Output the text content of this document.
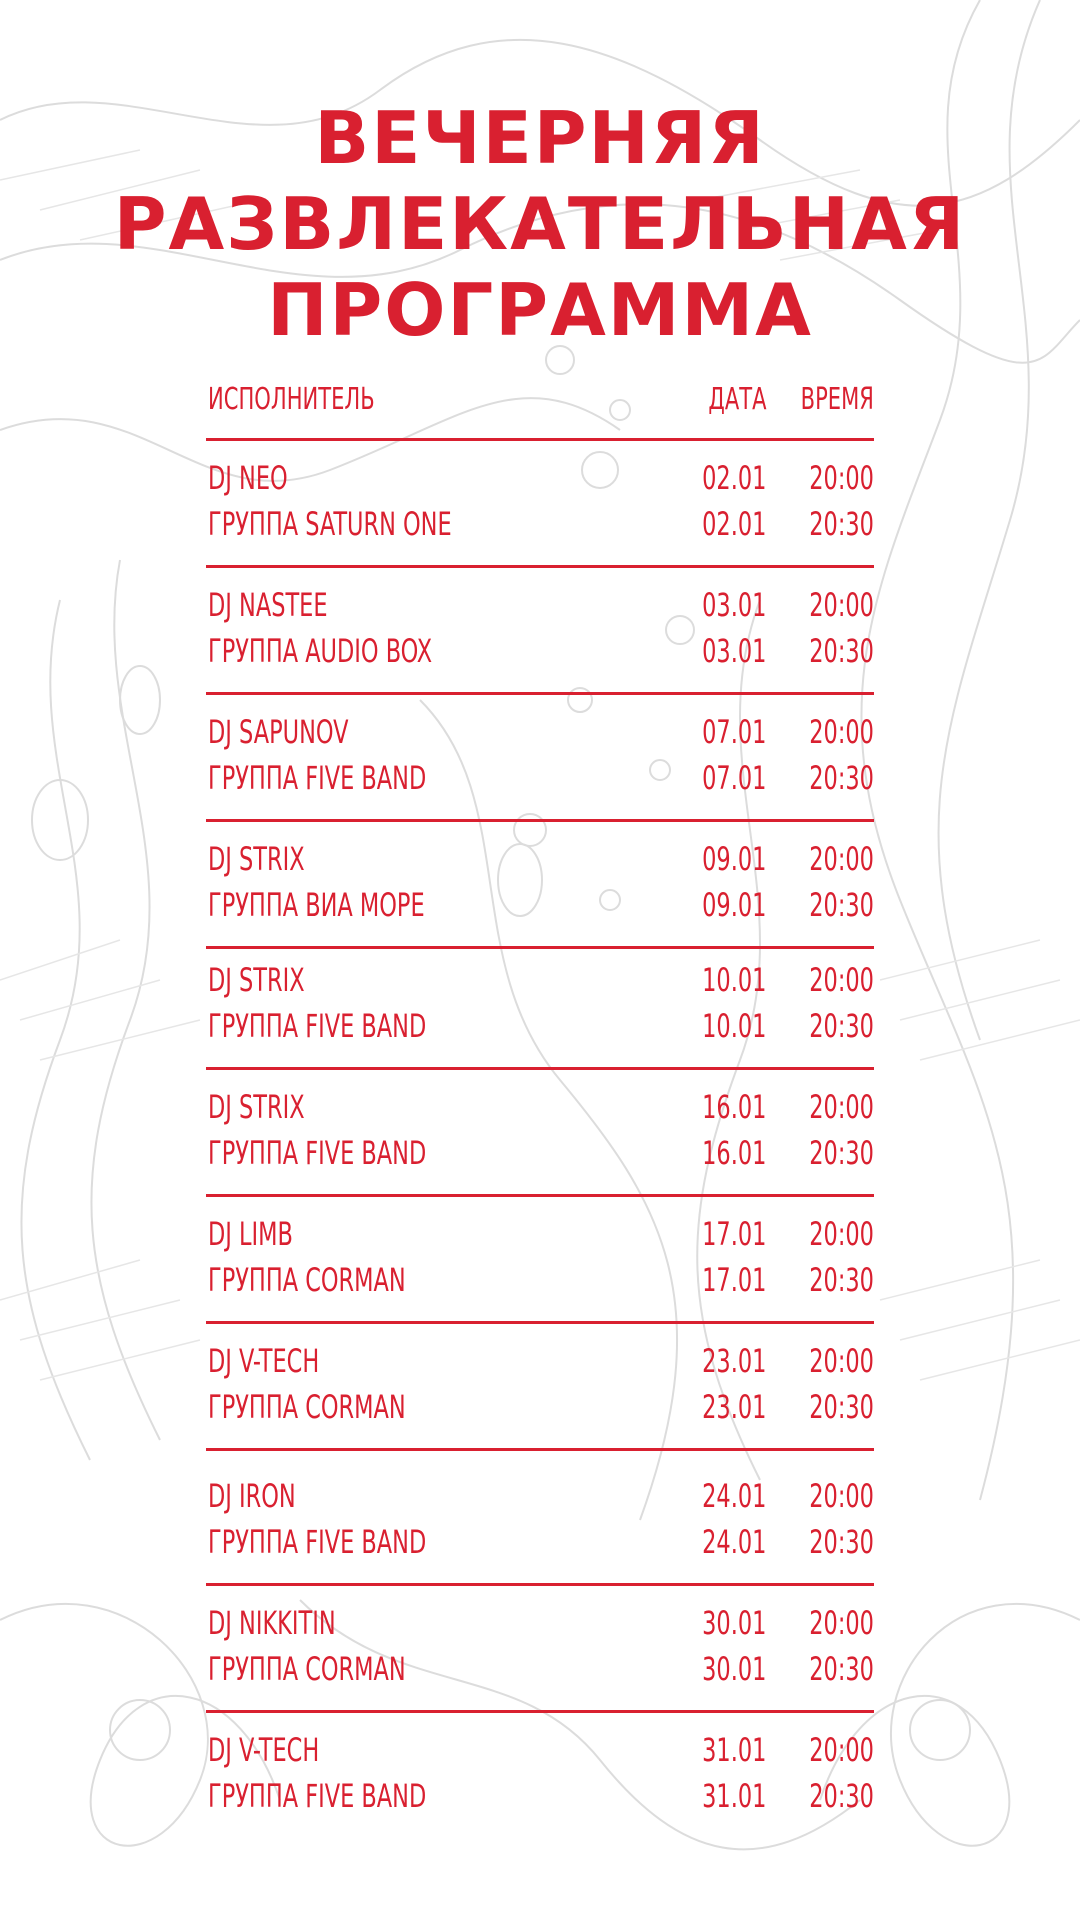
ВЕЧЕРНЯЯ
РАЗВЛЕКАТЕЛЬНАЯ
ПРОГРАММА
ИСПОЛНИТЕЛЬ	ДАТА ВРЕМЯ
DJ NEO	02.01 20:00
ГРУППА SATURN ONE	02.01 20:30
DJ NASTEE	03.01 20:00
ГРУППА AUDIO BOX	03.01 20:30
DJ SAPUNOV	07.01 20:00
ГРУППА FIVE BAND	07.01 20:30
DJ STRIX	09.01 20:00
ГРУППА ВИА МОРЕ	09.01 20:30
DJ STRIX	10.01 20:00
ГРУППА FIVE BAND	10.01 20:30
DJ STRIX	16.01 20:00
ГРУППА FIVE BAND	16.01 20:30
DJ LIMB	17.01 20:00
ГРУППА CORMAN	17.01 20:30
DJ V-TECH	23.01 20:00
ГРУППА CORMAN	23.01 20:30
DJ IRON	24.01 20:00
ГРУППА FIVE BAND	24.01 20:30
DJ NIKKITIN	30.01 20:00
ГРУППА CORMAN	30.01 20:30
DJ V-TECH	31.01 20:00
ГРУППА FIVE BAND	31.01 20:30
